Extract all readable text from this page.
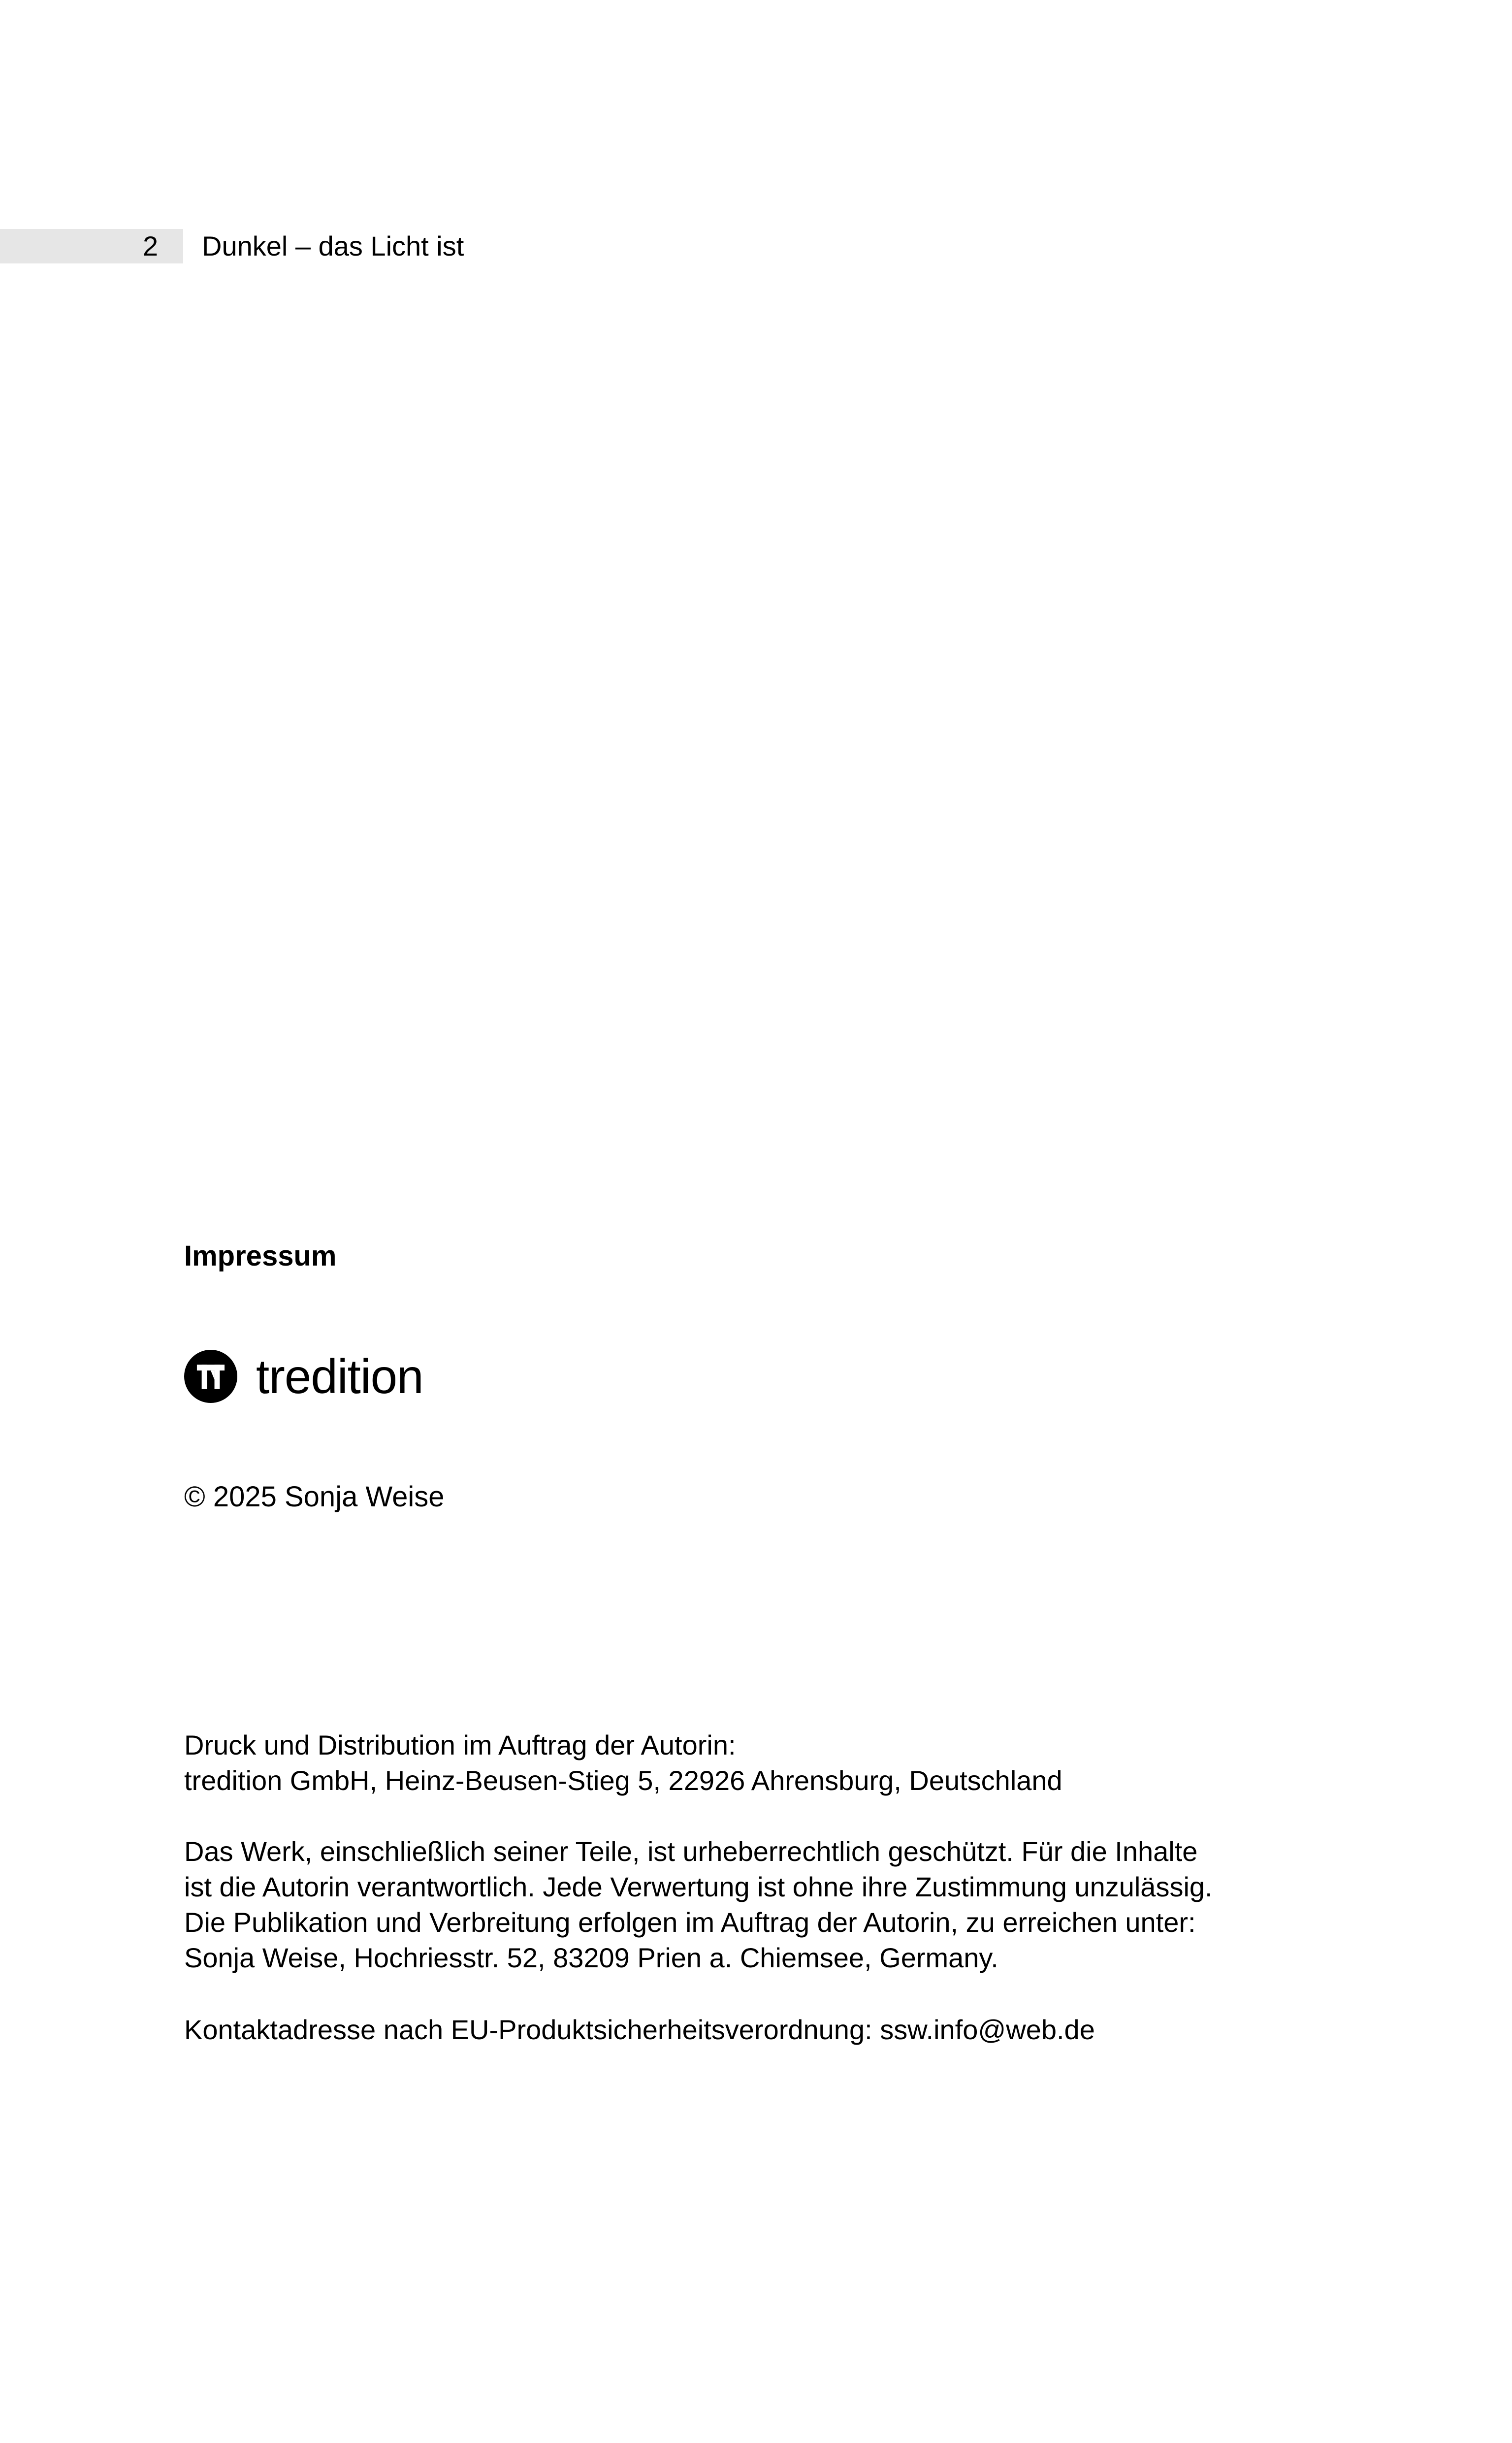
2 Dunkel – das Licht ist
Impressum
tredition
© 2025 Sonja Weise
Druck und Distribution im Auftrag der Autorin:
tredition GmbH, Heinz-Beusen-Stieg 5, 22926 Ahrensburg, Deutschland
Das Werk, einschließlich seiner Teile, ist urheberrechtlich geschützt. Für die Inhalte
ist die Autorin verantwortlich. Jede Verwertung ist ohne ihre Zustimmung unzulässig.
Die Publikation und Verbreitung erfolgen im Auftrag der Autorin, zu erreichen unter:
Sonja Weise, Hochriesstr. 52, 83209 Prien a. Chiemsee, Germany.
Kontaktadresse nach EU-Produktsicherheitsverordnung: ssw.info@web.de
